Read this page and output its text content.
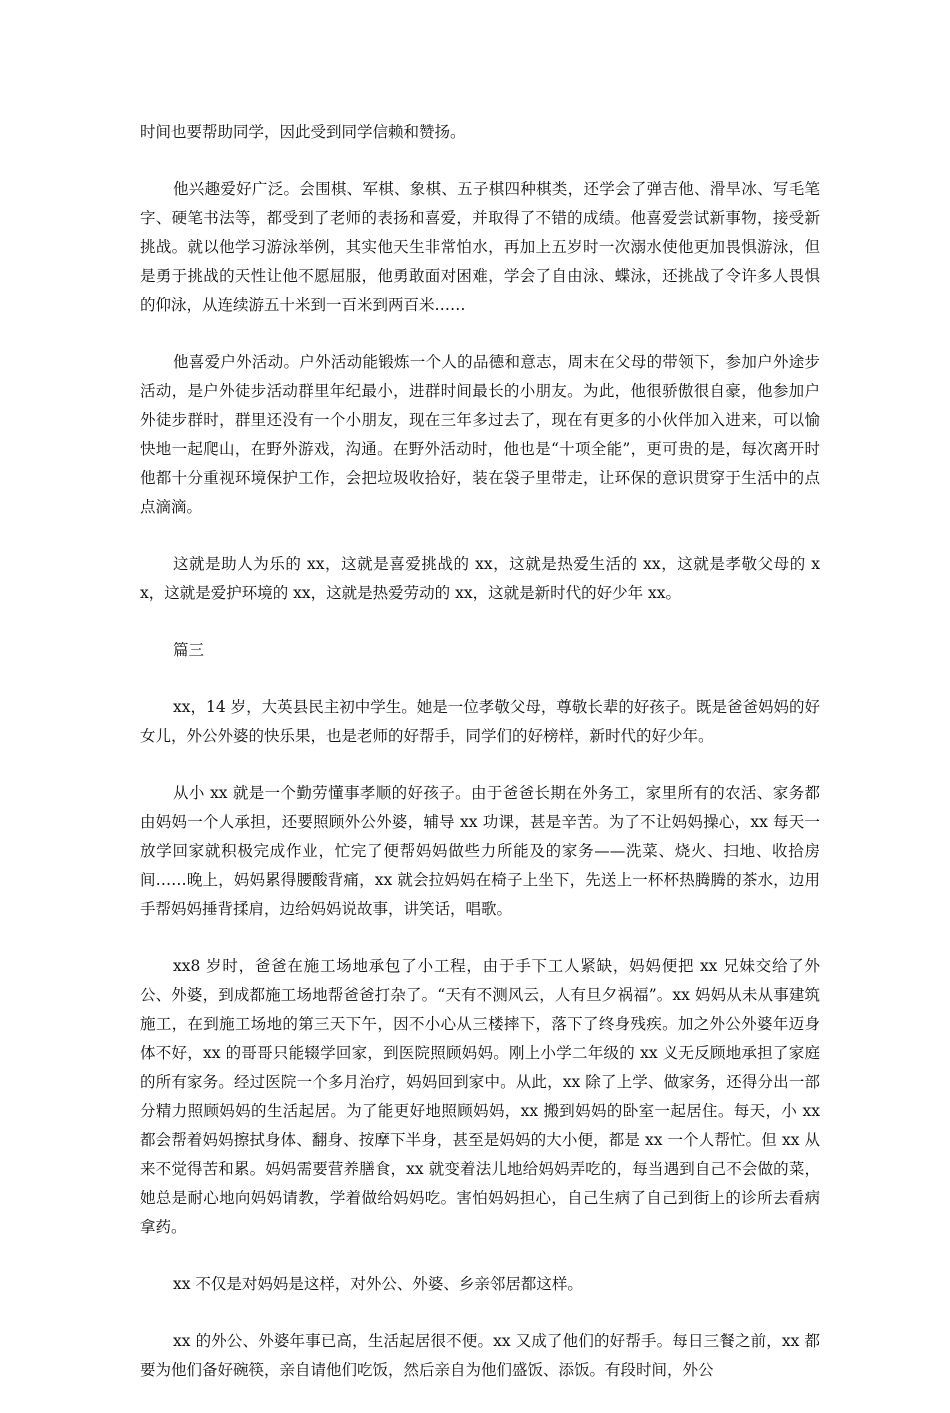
时间也要帮助同学，因此受到同学信赖和赞扬。

他兴趣爱好广泛。会围棋、军棋、象棋、五子棋四种棋类，还学会了弹吉他、滑旱冰、写毛笔字、硬笔书法等，都受到了老师的表扬和喜爱，并取得了不错的成绩。他喜爱尝试新事物，接受新挑战。就以他学习游泳举例，其实他天生非常怕水，再加上五岁时一次溺水使他更加畏惧游泳，但是勇于挑战的天性让他不愿屈服，他勇敢面对困难，学会了自由泳、蝶泳，还挑战了令许多人畏惧的仰泳，从连续游五十米到一百米到两百米……

他喜爱户外活动。户外活动能锻炼一个人的品德和意志，周末在父母的带领下，参加户外途步活动，是户外徒步活动群里年纪最小，进群时间最长的小朋友。为此，他很骄傲很自豪，他参加户外徒步群时，群里还没有一个小朋友，现在三年多过去了，现在有更多的小伙伴加入进来，可以愉快地一起爬山，在野外游戏，沟通。在野外活动时，他也是“十项全能”，更可贵的是，每次离开时他都十分重视环境保护工作，会把垃圾收拾好，装在袋子里带走，让环保的意识贯穿于生活中的点点滴滴。

这就是助人为乐的 xx，这就是喜爱挑战的 xx，这就是热爱生活的 xx，这就是孝敬父母的 xx，这就是爱护环境的 xx，这就是热爱劳动的 xx，这就是新时代的好少年 xx。

篇三

xx，14 岁，大英县民主初中学生。她是一位孝敬父母，尊敬长辈的好孩子。既是爸爸妈妈的好女儿，外公外婆的快乐果，也是老师的好帮手，同学们的好榜样，新时代的好少年。

从小 xx 就是一个勤劳懂事孝顺的好孩子。由于爸爸长期在外务工，家里所有的农活、家务都由妈妈一个人承担，还要照顾外公外婆，辅导 xx 功课，甚是辛苦。为了不让妈妈操心，xx 每天一放学回家就积极完成作业，忙完了便帮妈妈做些力所能及的家务——洗菜、烧火、扫地、收拾房间……晚上，妈妈累得腰酸背痛，xx 就会拉妈妈在椅子上坐下，先送上一杯杯热腾腾的茶水，边用手帮妈妈捶背揉肩，边给妈妈说故事，讲笑话，唱歌。

xx8 岁时，爸爸在施工场地承包了小工程，由于手下工人紧缺，妈妈便把 xx 兄妹交给了外公、外婆，到成都施工场地帮爸爸打杂了。“天有不测风云，人有旦夕祸福”。xx 妈妈从未从事建筑施工，在到施工场地的第三天下午，因不小心从三楼摔下，落下了终身残疾。加之外公外婆年迈身体不好，xx 的哥哥只能辍学回家，到医院照顾妈妈。刚上小学二年级的 xx 义无反顾地承担了家庭的所有家务。经过医院一个多月治疗，妈妈回到家中。从此，xx 除了上学、做家务，还得分出一部分精力照顾妈妈的生活起居。为了能更好地照顾妈妈，xx 搬到妈妈的卧室一起居住。每天，小 xx 都会帮着妈妈擦拭身体、翻身、按摩下半身，甚至是妈妈的大小便，都是 xx 一个人帮忙。但 xx 从来不觉得苦和累。妈妈需要营养膳食，xx 就变着法儿地给妈妈弄吃的，每当遇到自己不会做的菜，她总是耐心地向妈妈请教，学着做给妈妈吃。害怕妈妈担心，自己生病了自己到街上的诊所去看病拿药。

xx 不仅是对妈妈是这样，对外公、外婆、乡亲邻居都这样。

xx 的外公、外婆年事已高，生活起居很不便。xx 又成了他们的好帮手。每日三餐之前，xx 都要为他们备好碗筷，亲自请他们吃饭，然后亲自为他们盛饭、添饭。有段时间，外公
